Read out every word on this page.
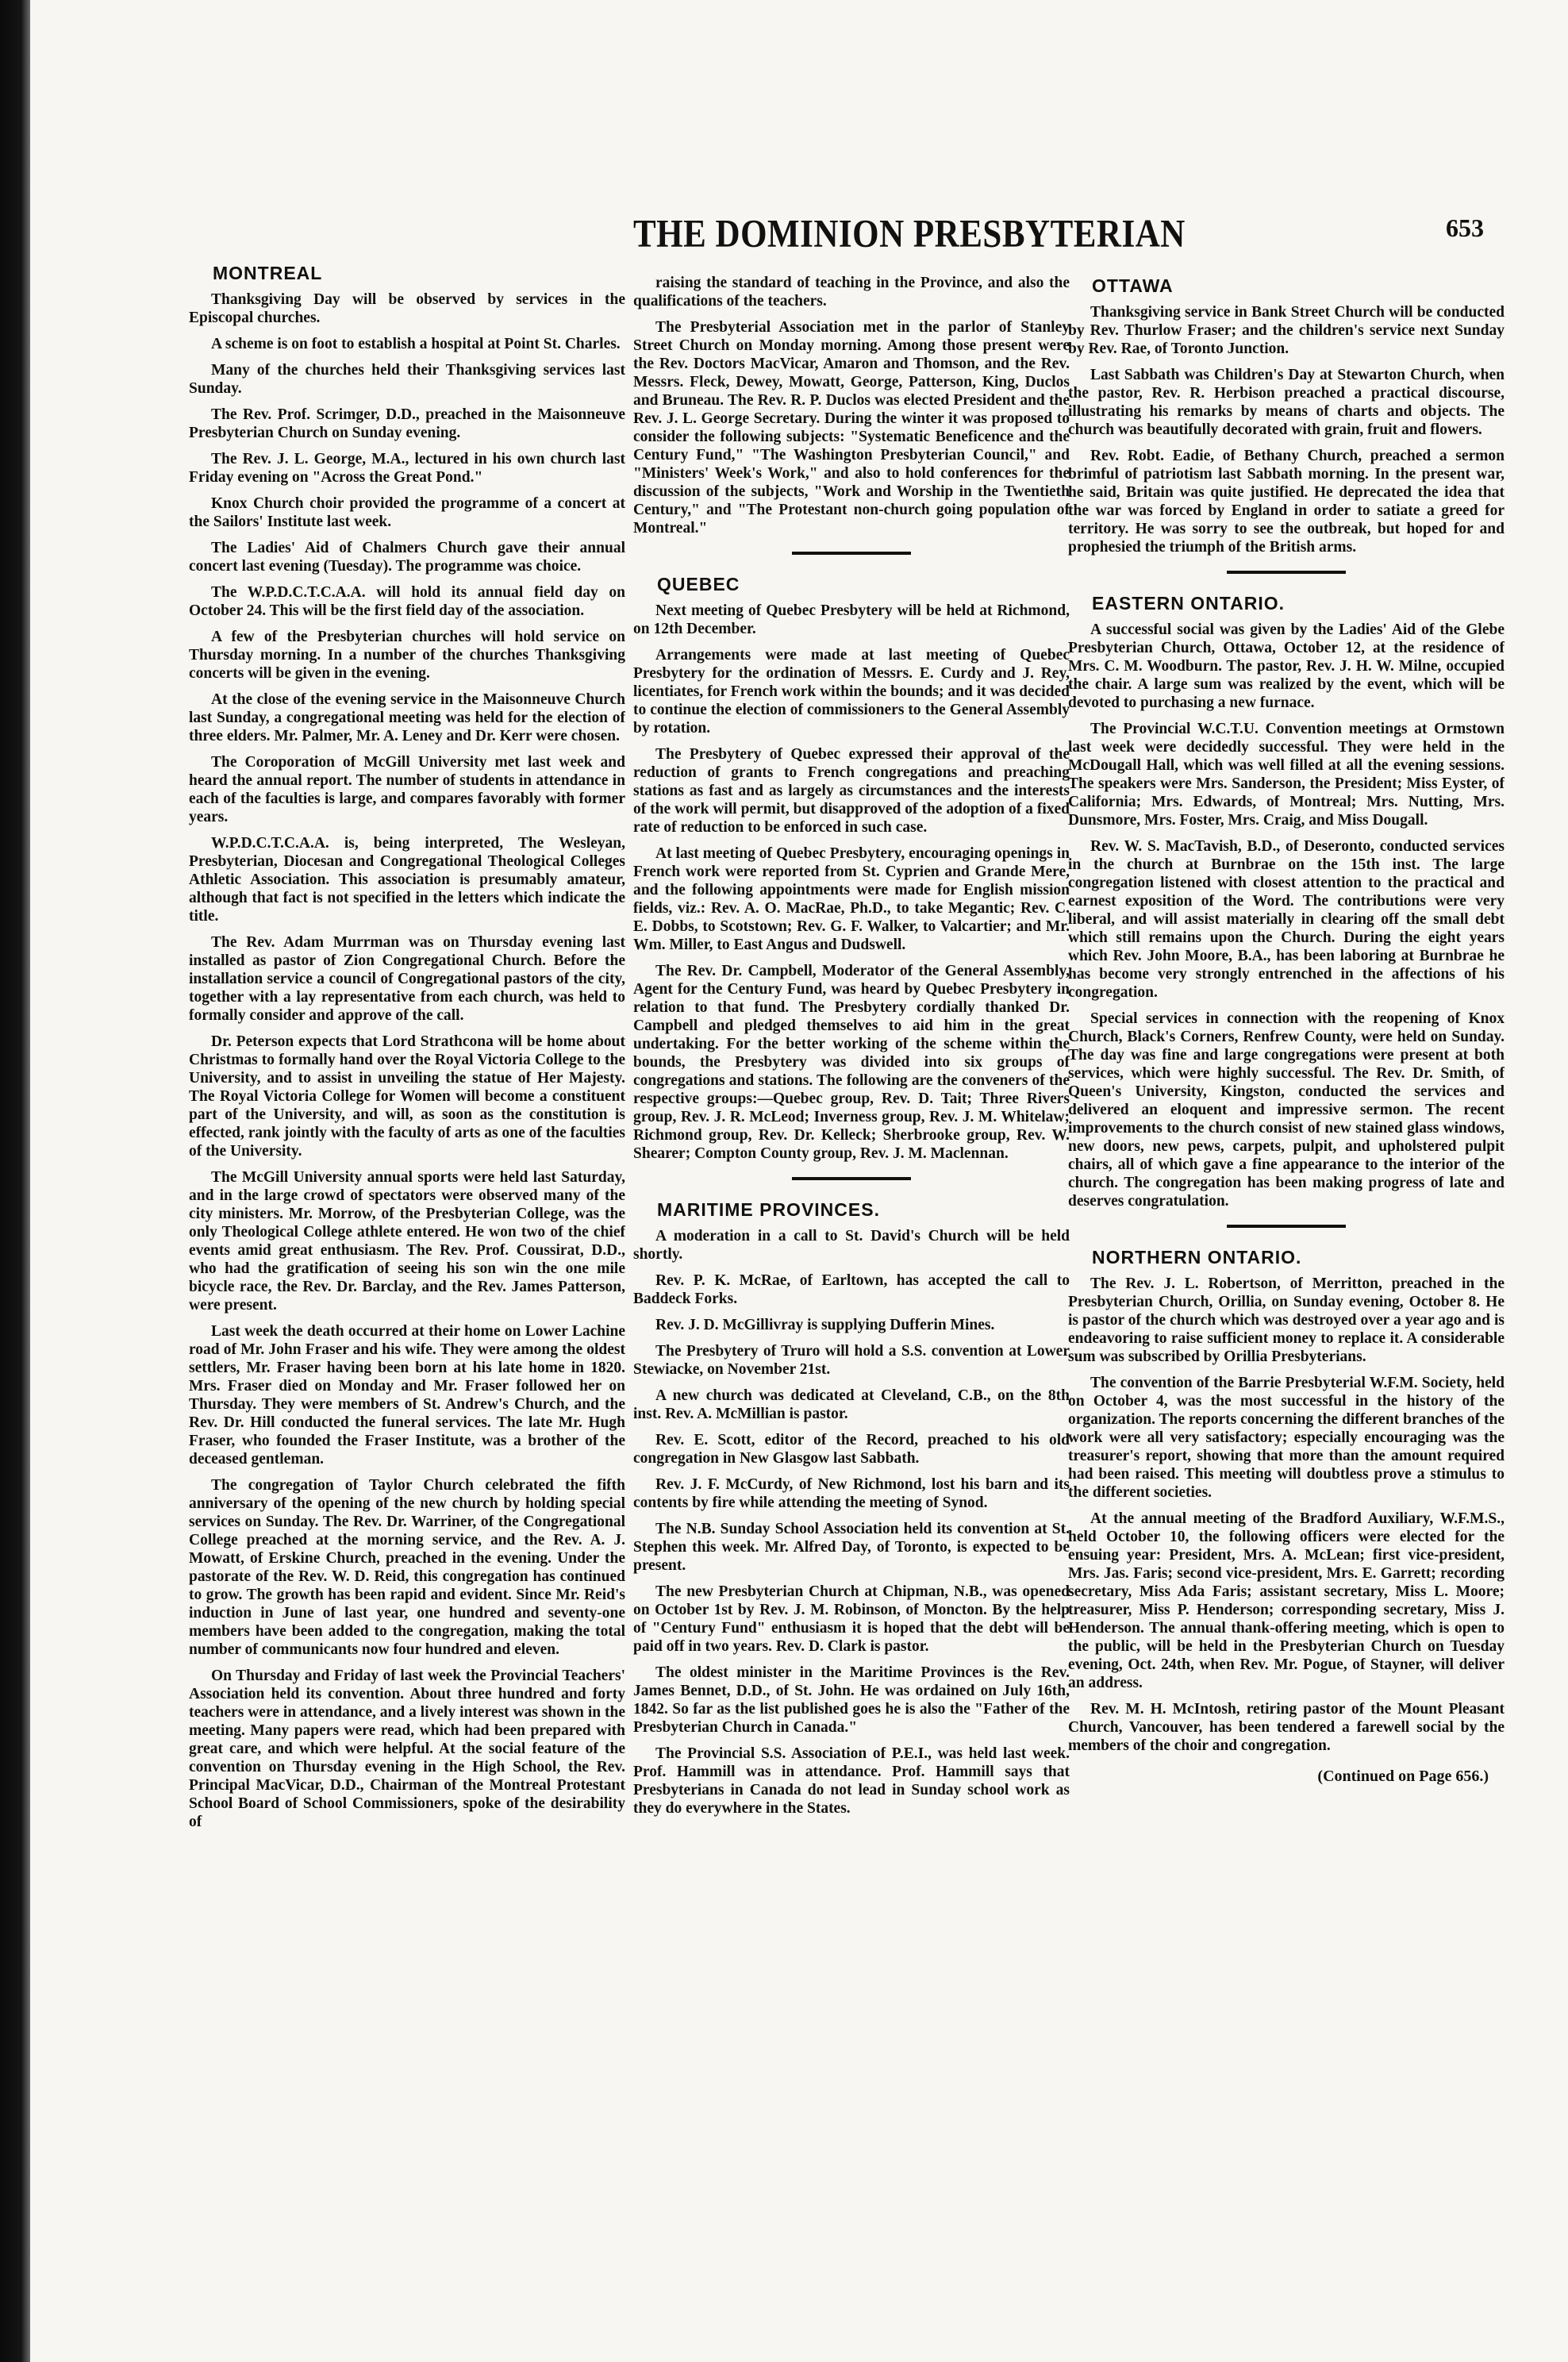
THE DOMINION PRESBYTERIAN	653
MONTREAL

Thanksgiving Day will be observed by services in the Episcopal churches.

A scheme is on foot to establish a hospital at Point St. Charles.

Many of the churches held their Thanksgiving services last Sunday.

The Rev. Prof. Scrimger, D.D., preached in the Maisonneuve Presbyterian Church on Sunday evening.

The Rev. J. L. George, M.A., lectured in his own church last Friday evening on "Across the Great Pond."

Knox Church choir provided the programme of a concert at the Sailors' Institute last week.

The Ladies' Aid of Chalmers Church gave their annual concert last evening (Tuesday). The programme was choice.

The W.P.D.C.T.C.A.A. will hold its annual field day on October 24. This will be the first field day of the association.

A few of the Presbyterian churches will hold service on Thursday morning. In a number of the churches Thanksgiving concerts will be given in the evening.

At the close of the evening service in the Maisonneuve Church last Sunday, a congregational meeting was held for the election of three elders. Mr. Palmer, Mr. A. Leney and Dr. Kerr were chosen.

The Coroporation of McGill University met last week and heard the annual report. The number of students in attendance in each of the faculties is large, and compares favorably with former years.

W.P.D.C.T.C.A.A. is, being interpreted, The Wesleyan, Presbyterian, Diocesan and Congregational Theological Colleges Athletic Association. This association is presumably amateur, although that fact is not specified in the letters which indicate the title.

The Rev. Adam Murrman was on Thursday evening last installed as pastor of Zion Congregational Church. Before the installation service a council of Congregational pastors of the city, together with a lay representative from each church, was held to formally consider and approve of the call.

Dr. Peterson expects that Lord Strathcona will be home about Christmas to formally hand over the Royal Victoria College to the University, and to assist in unveiling the statue of Her Majesty. The Royal Victoria College for Women will become a constituent part of the University, and will, as soon as the constitution is effected, rank jointly with the faculty of arts as one of the faculties of the University.

The McGill University annual sports were held last Saturday, and in the large crowd of spectators were observed many of the city ministers. Mr. Morrow, of the Presbyterian College, was the only Theological College athlete entered. He won two of the chief events amid great enthusiasm. The Rev. Prof. Coussirat, D.D., who had the gratification of seeing his son win the one mile bicycle race, the Rev. Dr. Barclay, and the Rev. James Patterson, were present.

Last week the death occurred at their home on Lower Lachine road of Mr. John Fraser and his wife. They were among the oldest settlers, Mr. Fraser having been born at his late home in 1820. Mrs. Fraser died on Monday and Mr. Fraser followed her on Thursday. They were members of St. Andrew's Church, and the Rev. Dr. Hill conducted the funeral services. The late Mr. Hugh Fraser, who founded the Fraser Institute, was a brother of the deceased gentleman.

The congregation of Taylor Church celebrated the fifth anniversary of the opening of the new church by holding special services on Sunday. The Rev. Dr. Warriner, of the Congregational College preached at the morning service, and the Rev. A. J. Mowatt, of Erskine Church, preached in the evening. Under the pastorate of the Rev. W. D. Reid, this congregation has continued to grow. The growth has been rapid and evident. Since Mr. Reid's induction in June of last year, one hundred and seventy-one members have been added to the congregation, making the total number of communicants now four hundred and eleven.

On Thursday and Friday of last week the Provincial Teachers' Association held its convention. About three hundred and forty teachers were in attendance, and a lively interest was shown in the meeting. Many papers were read, which had been prepared with great care, and which were helpful. At the social feature of the convention on Thursday evening in the High School, the Rev. Principal MacVicar, D.D., Chairman of the Montreal Protestant School Board of School Commissioners, spoke of the desirability of

raising the standard of teaching in the Province, and also the qualifications of the teachers.

The Presbyterial Association met in the parlor of Stanley Street Church on Monday morning. Among those present were the Rev. Doctors MacVicar, Amaron and Thomson, and the Rev. Messrs. Fleck, Dewey, Mowatt, George, Patterson, King, Duclos and Bruneau. The Rev. R. P. Duclos was elected President and the Rev. J. L. George Secretary. During the winter it was proposed to consider the following subjects: "Systematic Beneficence and the Century Fund," "The Washington Presbyterian Council," and "Ministers' Week's Work," and also to hold conferences for the discussion of the subjects, "Work and Worship in the Twentieth Century," and "The Protestant non-church going population of Montreal."

QUEBEC

Next meeting of Quebec Presbytery will be held at Richmond, on 12th December.

Arrangements were made at last meeting of Quebec Presbytery for the ordination of Messrs. E. Curdy and J. Rey, licentiates, for French work within the bounds; and it was decided to continue the election of commissioners to the General Assembly by rotation.

The Presbytery of Quebec expressed their approval of the reduction of grants to French congregations and preaching stations as fast and as largely as circumstances and the interests of the work will permit, but disapproved of the adoption of a fixed rate of reduction to be enforced in such case.

At last meeting of Quebec Presbytery, encouraging openings in French work were reported from St. Cyprien and Grande Mere, and the following appointments were made for English mission fields, viz.: Rev. A. O. MacRae, Ph.D., to take Megantic; Rev. C. E. Dobbs, to Scotstown; Rev. G. F. Walker, to Valcartier; and Mr. Wm. Miller, to East Angus and Dudswell.

The Rev. Dr. Campbell, Moderator of the General Assembly, Agent for the Century Fund, was heard by Quebec Presbytery in relation to that fund. The Presbytery cordially thanked Dr. Campbell and pledged themselves to aid him in the great undertaking. For the better working of the scheme within the bounds, the Presbytery was divided into six groups of congregations and stations. The following are the conveners of the respective groups:—Quebec group, Rev. D. Tait; Three Rivers group, Rev. J. R. McLeod; Inverness group, Rev. J. M. Whitelaw; Richmond group, Rev. Dr. Kelleck; Sherbrooke group, Rev. W. Shearer; Compton County group, Rev. J. M. Maclennan.

MARITIME PROVINCES.

A moderation in a call to St. David's Church will be held shortly.

Rev. P. K. McRae, of Earltown, has accepted the call to Baddeck Forks.

Rev. J. D. McGillivray is supplying Dufferin Mines.

The Presbytery of Truro will hold a S.S. convention at Lower Stewiacke, on November 21st.

A new church was dedicated at Cleveland, C.B., on the 8th inst. Rev. A. McMillian is pastor.

Rev. E. Scott, editor of the Record, preached to his old congregation in New Glasgow last Sabbath.

Rev. J. F. McCurdy, of New Richmond, lost his barn and its contents by fire while attending the meeting of Synod.

The N.B. Sunday School Association held its convention at St. Stephen this week. Mr. Alfred Day, of Toronto, is expected to be present.

The new Presbyterian Church at Chipman, N.B., was opened on October 1st by Rev. J. M. Robinson, of Moncton. By the help of "Century Fund" enthusiasm it is hoped that the debt will be paid off in two years. Rev. D. Clark is pastor.

The oldest minister in the Maritime Provinces is the Rev. James Bennet, D.D., of St. John. He was ordained on July 16th, 1842. So far as the list published goes he is also the "Father of the Presbyterian Church in Canada."

The Provincial S.S. Association of P.E.I., was held last week. Prof. Hammill was in attendance. Prof. Hammill says that Presbyterians in Canada do not lead in Sunday school work as they do everywhere in the States.

OTTAWA

Thanksgiving service in Bank Street Church will be conducted by Rev. Thurlow Fraser; and the children's service next Sunday by Rev. Rae, of Toronto Junction.

Last Sabbath was Children's Day at Stewarton Church, when the pastor, Rev. R. Herbison preached a practical discourse, illustrating his remarks by means of charts and objects. The church was beautifully decorated with grain, fruit and flowers.

Rev. Robt. Eadie, of Bethany Church, preached a sermon brimful of patriotism last Sabbath morning. In the present war, he said, Britain was quite justified. He deprecated the idea that the war was forced by England in order to satiate a greed for territory. He was sorry to see the outbreak, but hoped for and prophesied the triumph of the British arms.

EASTERN ONTARIO.

A successful social was given by the Ladies' Aid of the Glebe Presbyterian Church, Ottawa, October 12, at the residence of Mrs. C. M. Woodburn. The pastor, Rev. J. H. W. Milne, occupied the chair. A large sum was realized by the event, which will be devoted to purchasing a new furnace.

The Provincial W.C.T.U. Convention meetings at Ormstown last week were decidedly successful. They were held in the McDougall Hall, which was well filled at all the evening sessions. The speakers were Mrs. Sanderson, the President; Miss Eyster, of California; Mrs. Edwards, of Montreal; Mrs. Nutting, Mrs. Dunsmore, Mrs. Foster, Mrs. Craig, and Miss Dougall.

Rev. W. S. MacTavish, B.D., of Deseronto, conducted services in the church at Burnbrae on the 15th inst. The large congregation listened with closest attention to the practical and earnest exposition of the Word. The contributions were very liberal, and will assist materially in clearing off the small debt which still remains upon the Church. During the eight years which Rev. John Moore, B.A., has been laboring at Burnbrae he has become very strongly entrenched in the affections of his congregation.

Special services in connection with the reopening of Knox Church, Black's Corners, Renfrew County, were held on Sunday. The day was fine and large congregations were present at both services, which were highly successful. The Rev. Dr. Smith, of Queen's University, Kingston, conducted the services and delivered an eloquent and impressive sermon. The recent improvements to the church consist of new stained glass windows, new doors, new pews, carpets, pulpit, and upholstered pulpit chairs, all of which gave a fine appearance to the interior of the church. The congregation has been making progress of late and deserves congratulation.

NORTHERN ONTARIO.

The Rev. J. L. Robertson, of Merritton, preached in the Presbyterian Church, Orillia, on Sunday evening, October 8. He is pastor of the church which was destroyed over a year ago and is endeavoring to raise sufficient money to replace it. A considerable sum was subscribed by Orillia Presbyterians.

The convention of the Barrie Presbyterial W.F.M. Society, held on October 4, was the most successful in the history of the organization. The reports concerning the different branches of the work were all very satisfactory; especially encouraging was the treasurer's report, showing that more than the amount required had been raised. This meeting will doubtless prove a stimulus to the different societies.

At the annual meeting of the Bradford Auxiliary, W.F.M.S., held October 10, the following officers were elected for the ensuing year: President, Mrs. A. McLean; first vice-president, Mrs. Jas. Faris; second vice-president, Mrs. E. Garrett; recording secretary, Miss Ada Faris; assistant secretary, Miss L. Moore; treasurer, Miss P. Henderson; corresponding secretary, Miss J. Henderson. The annual thank-offering meeting, which is open to the public, will be held in the Presbyterian Church on Tuesday evening, Oct. 24th, when Rev. Mr. Pogue, of Stayner, will deliver an address.

Rev. M. H. McIntosh, retiring pastor of the Mount Pleasant Church, Vancouver, has been tendered a farewell social by the members of the choir and congregation.

(Continued on Page 656.)
